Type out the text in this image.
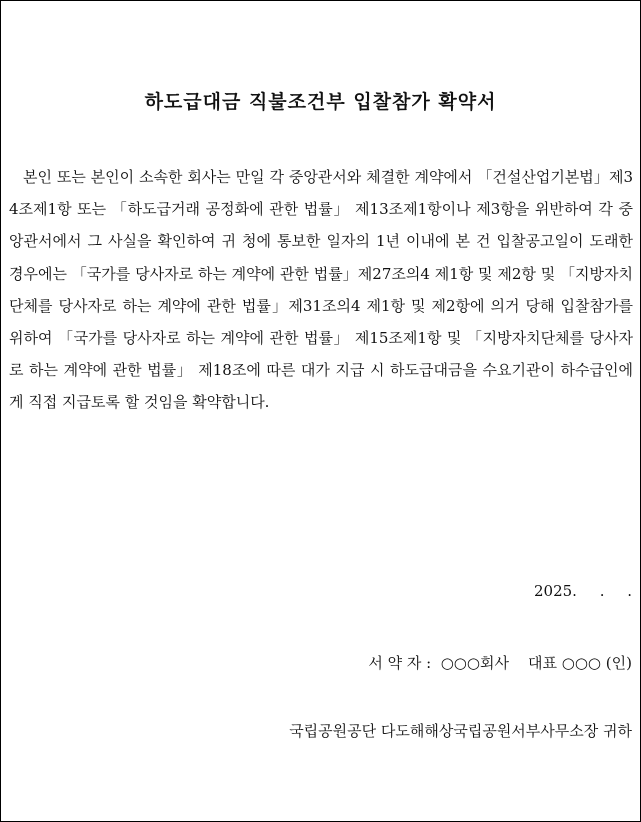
하도급대금 직불조건부 입찰참가 확약서

본인 또는 본인이 소속한 회사는 만일 각 중앙관서와 체결한 계약에서 「건설산업기본법」제34조제1항 또는 「하도급거래 공정화에 관한 법률」 제13조제1항이나 제3항을 위반하여 각 중앙관서에서 그 사실을 확인하여 귀 청에 통보한 일자의 1년 이내에 본 건 입찰공고일이 도래한 경우에는 「국가를 당사자로 하는 계약에 관한 법률」제27조의4 제1항 및 제2항 및 「지방자치단체를 당사자로 하는 계약에 관한 법률」제31조의4 제1항 및 제2항에 의거 당해 입찰참가를 위하여 「국가를 당사자로 하는 계약에 관한 법률」 제15조제1항 및 「지방자치단체를 당사자로 하는 계약에 관한 법률」 제18조에 따른 대가 지급 시 하도급대금을 수요기관이 하수급인에게 직접 지급토록 할 것임을 확약합니다.

2025. . .

서 약 자 :  ○○○회사    대표 ○○○ (인)

국립공원공단 다도해해상국립공원서부사무소장 귀하
